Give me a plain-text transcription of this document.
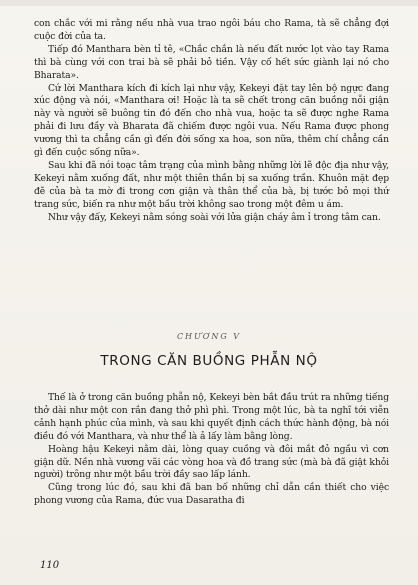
con chắc với mi rằng nếu nhà vua trao ngôi báu cho Rama, tà sẽ chẳng đợi cuộc đời của ta.

Tiếp đó Manthara bèn tỉ tê, «Chắc chắn là nếu đất nước lọt vào tay Rama thì bà cùng với con trai bà sẽ phải bỏ tiền. Vậy cố hết sức giành lại nó cho Bharata».

Cứ lời Manthara kích đi kích lại như vậy, Kekeyi đặt tay lên bộ ngực đang xúc động và nói, «Manthara ơi! Hoặc là ta sẽ chết trong căn buồng nỗi giận này và người sẽ buông tin đó đến cho nhà vua, hoặc ta sẽ được nghe Rama phải đi lưu đầy và Bharata đã chiếm được ngôi vua. Nếu Rama được phong vương thì ta chẳng cần gì đến đời sống xa hoa, son nữa, thêm chí chẳng cần gì đến cuộc sống nữa».

Sau khi đã nói toạc tâm trạng của mình bằng những lời lẽ độc địa như vậy, Kekeyi nằm xuống đất, như một thiên thần bị sa xuống trần. Khuôn mặt đẹp đẽ của bà ta mờ đi trong cơn giận và thân thể của bà, bị tước bỏ mọi thứ trang sức, biến ra như một bầu trời không sao trong một đêm u ám.

Như vậy đấy, Kekeyi nằm sóng soài với lửa giận cháy âm ỉ trong tâm can.

CHƯƠNG V
TRONG CĂN BUỒNG PHẪN NỘ

Thế là ở trong căn buồng phẫn nộ, Kekeyi bèn bắt đầu trút ra những tiếng thở dài như một con rắn đang thở phì phì. Trong một lúc, bà ta nghĩ tới viễn cảnh hạnh phúc của mình, và sau khi quyết định cách thức hành động, bà nói điều đó với Manthara, và như thể là ả lấy làm bằng lòng.

Hoàng hậu Kekeyi nằm dài, lòng quay cuồng và đôi mắt đỏ ngầu vì cơn giận dữ. Nền nhà vương vãi các vòng hoa và đồ trang sức (mà bà đã giật khỏi người) trông như một bầu trời đầy sao lấp lánh.

Cũng trong lúc đó, sau khi đã ban bố những chỉ dẫn cần thiết cho việc phong vương của Rama, đức vua Dasaratha đi

110
